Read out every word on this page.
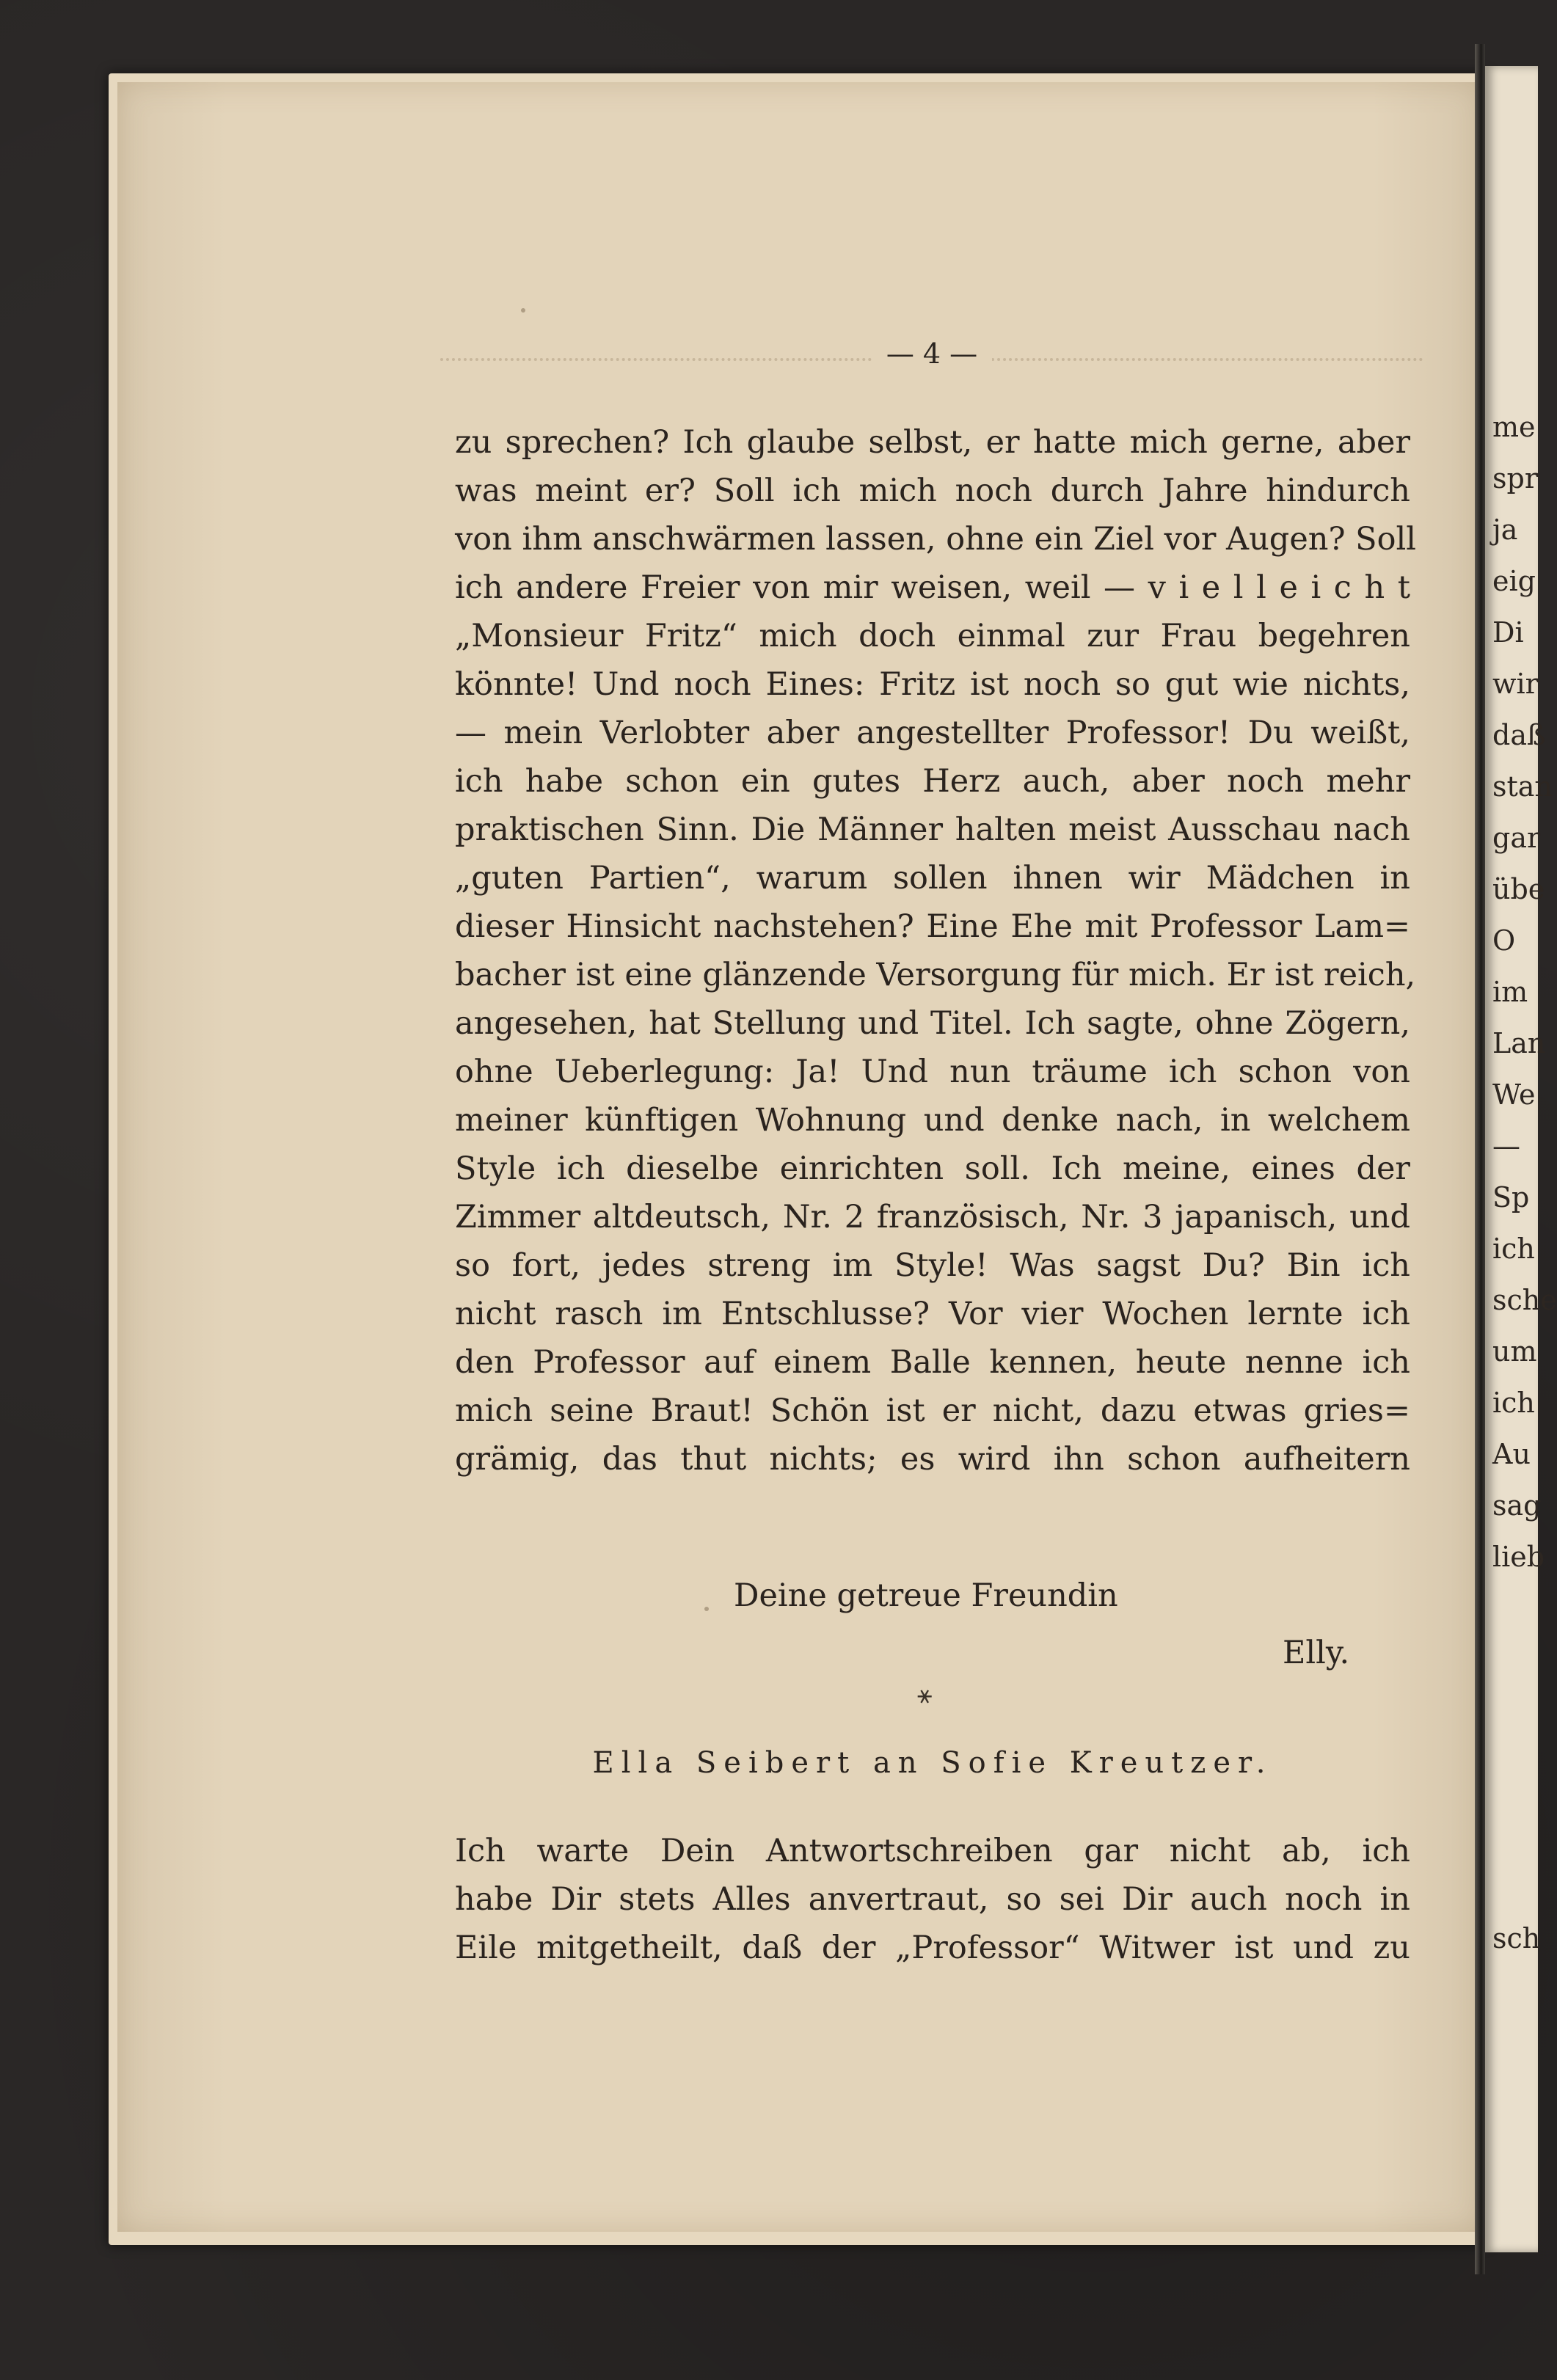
me
spr
ja
eig
Di
wir
daß
stan
gar
übe
O
im
Lan
We
—
Sp
ich
sche
um
ich
Au
sag
lieb
sch
— 4 —
zu sprechen? Ich glaube selbst, er hatte mich gerne, aber
was meint er? Soll ich mich noch durch Jahre hindurch
von ihm anschwärmen lassen, ohne ein Ziel vor Augen? Soll
ich andere Freier von mir weisen, weil — v i e l l e i c h t
„Monsieur Fritz“ mich doch einmal zur Frau begehren
könnte! Und noch Eines: Fritz ist noch so gut wie nichts,
— mein Verlobter aber angestellter Professor! Du weißt,
ich habe schon ein gutes Herz auch, aber noch mehr
praktischen Sinn. Die Männer halten meist Ausschau nach
„guten Partien“, warum sollen ihnen wir Mädchen in
dieser Hinsicht nachstehen? Eine Ehe mit Professor Lam=
bacher ist eine glänzende Versorgung für mich. Er ist reich,
angesehen, hat Stellung und Titel. Ich sagte, ohne Zögern,
ohne Ueberlegung: Ja! Und nun träume ich schon von
meiner künftigen Wohnung und denke nach, in welchem
Style ich dieselbe einrichten soll. Ich meine, eines der
Zimmer altdeutsch, Nr. 2 französisch, Nr. 3 japanisch, und
so fort, jedes streng im Style! Was sagst Du? Bin ich
nicht rasch im Entschlusse? Vor vier Wochen lernte ich
den Professor auf einem Balle kennen, heute nenne ich
mich seine Braut! Schön ist er nicht, dazu etwas gries=
grämig, das thut nichts; es wird ihn schon aufheitern
Deine getreue Freundin
Elly.
⚹
Ella Seibert an Sofie Kreutzer.
Ich warte Dein Antwortschreiben gar nicht ab, ich
habe Dir stets Alles anvertraut, so sei Dir auch noch in
Eile mitgetheilt, daß der „Professor“ Witwer ist und zu
